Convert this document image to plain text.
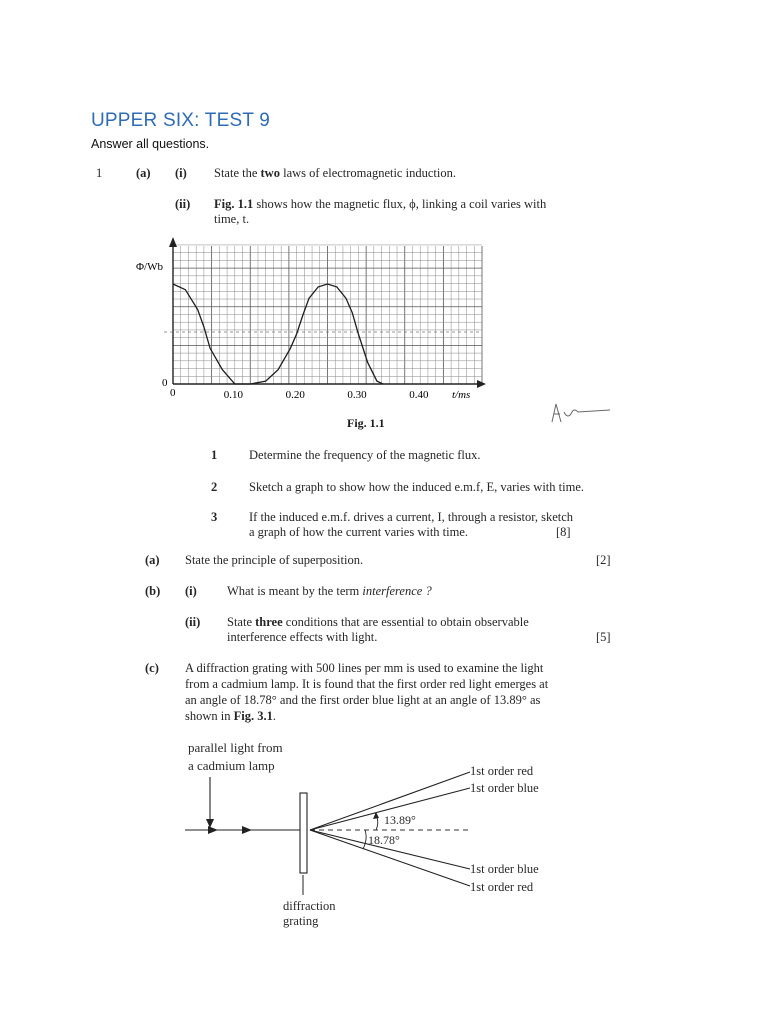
UPPER SIX: TEST 9
Answer all questions.
1	(a) (i) State the two laws of electromagnetic induction.
(ii) Fig. 1.1 shows how the magnetic flux, ϕ, linking a coil varies with
time, t.
Φ/Wb
0
0	0.10	0.20	0.30	0.40 t/ms
Fig. 1.1
1	Determine the frequency of the magnetic flux.
2	Sketch a graph to show how the induced e.m.f, E, varies with time.
3	If the induced e.m.f. drives a current, I, through a resistor, sketch
a graph of how the current varies with time.	[8]
(a) State the principle of superposition.	[2]
(b) (i) What is meant by the term interference ?
(ii) State three conditions that are essential to obtain observable
interference effects with light.	[5]
(c) A diffraction grating with 500 lines per mm is used to examine the light
from a cadmium lamp. It is found that the first order red light emerges at
an angle of 18.78° and the first order blue light at an angle of 13.89° as
shown in Fig. 3.1.
parallel light from
a cadmium lamp
13.89°
18.78°
1st order red
1st order blue
1st order blue
1st order red
diffraction
grating
